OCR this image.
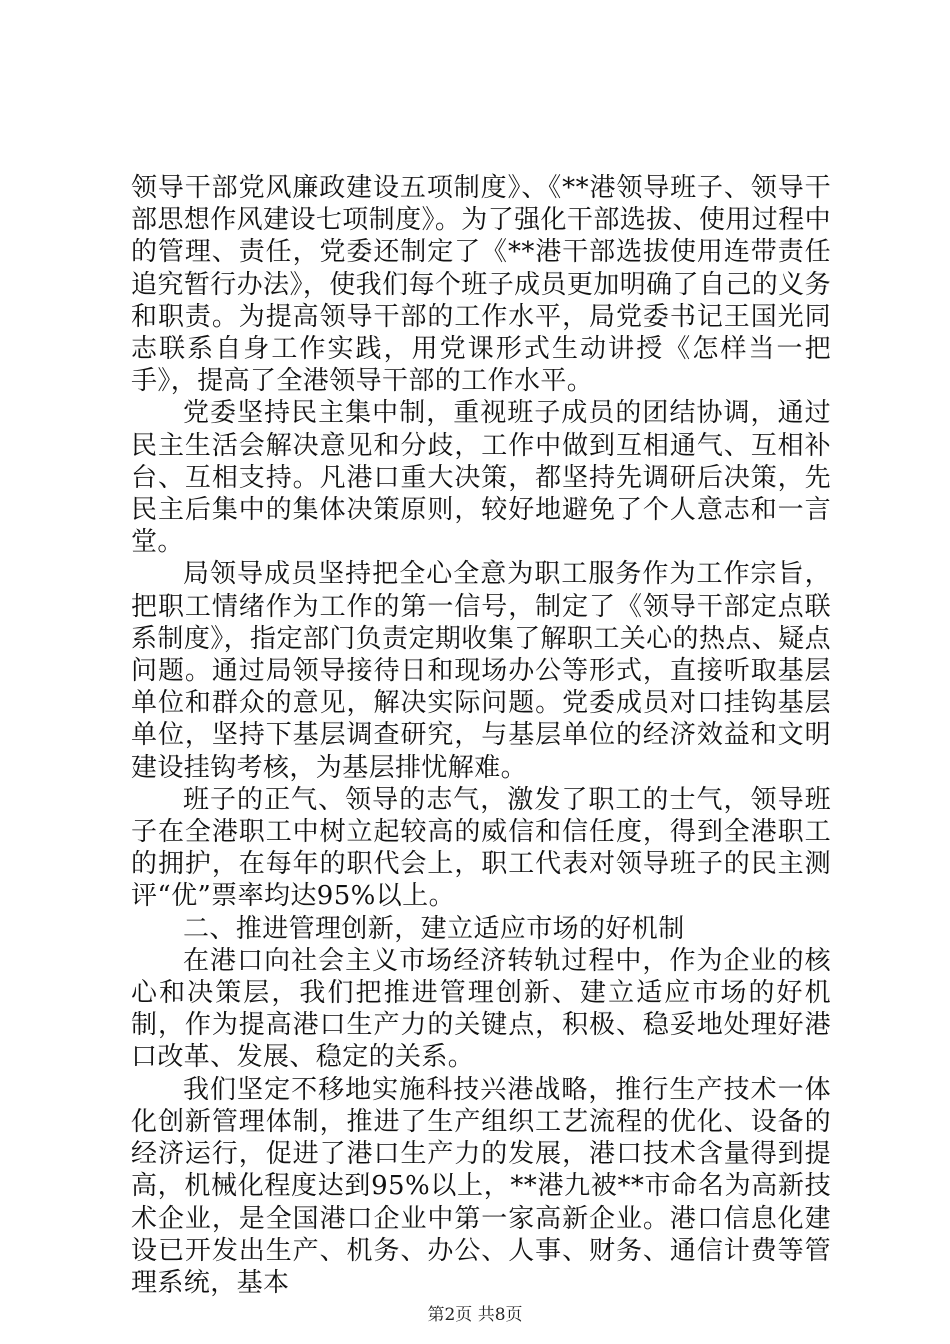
领导干部党风廉政建设五项制度》、《**港领导班子、领导干部思想作风建设七项制度》。为了强化干部选拔、使用过程中的管理、责任，党委还制定了《**港干部选拔使用连带责任追究暂行办法》，使我们每个班子成员更加明确了自己的义务和职责。为提高领导干部的工作水平，局党委书记王国光同志联系自身工作实践，用党课形式生动讲授《怎样当一把手》，提高了全港领导干部的工作水平。

党委坚持民主集中制，重视班子成员的团结协调，通过民主生活会解决意见和分歧，工作中做到互相通气、互相补台、互相支持。凡港口重大决策，都坚持先调研后决策，先民主后集中的集体决策原则，较好地避免了个人意志和一言堂。

局领导成员坚持把全心全意为职工服务作为工作宗旨，把职工情绪作为工作的第一信号，制定了《领导干部定点联系制度》，指定部门负责定期收集了解职工关心的热点、疑点问题。通过局领导接待日和现场办公等形式，直接听取基层单位和群众的意见，解决实际问题。党委成员对口挂钩基层单位，坚持下基层调查研究，与基层单位的经济效益和文明建设挂钩考核，为基层排忧解难。

班子的正气、领导的志气，激发了职工的士气，领导班子在全港职工中树立起较高的威信和信任度，得到全港职工的拥护，在每年的职代会上，职工代表对领导班子的民主测评“优”票率均达95%以上。

二、推进管理创新，建立适应市场的好机制

在港口向社会主义市场经济转轨过程中，作为企业的核心和决策层，我们把推进管理创新、建立适应市场的好机制，作为提高港口生产力的关键点，积极、稳妥地处理好港口改革、发展、稳定的关系。

我们坚定不移地实施科技兴港战略，推行生产技术一体化创新管理体制，推进了生产组织工艺流程的优化、设备的经济运行，促进了港口生产力的发展，港口技术含量得到提高，机械化程度达到95%以上，**港九被**市命名为高新技术企业，是全国港口企业中第一家高新企业。港口信息化建设已开发出生产、机务、办公、人事、财务、通信计费等管理系统，基本

第2页 共8页
